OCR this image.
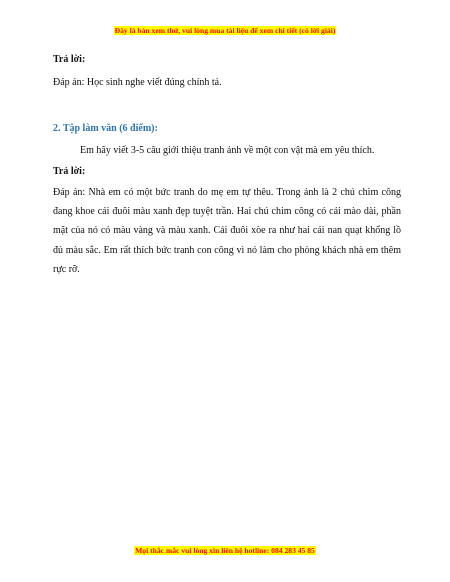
Đây là bản xem thử, vui lòng mua tài liệu để xem chi tiết (có lời giải)
Trả lời:
Đáp án: Học sinh nghe viết đúng chính tả.
2. Tập làm văn (6 điểm):
Em hãy viết 3-5 câu giới thiệu tranh ảnh về một con vật mà em yêu thích.
Trả lời:
Đáp án: Nhà em có một bức tranh do mẹ em tự thêu. Trong ảnh là 2 chú chim công đang khoe cái đuôi màu xanh đẹp tuyệt trần. Hai chú chim công có cái mào dài, phần mặt của nó có màu vàng và màu xanh. Cái đuôi xòe ra như hai cái nan quạt khổng lồ đủ màu sắc. Em rất thích bức tranh con công vì nó làm cho phòng khách nhà em thêm rực rỡ.
Mọi thắc mắc vui lòng xin liên hệ hotline: 084 283 45 85
